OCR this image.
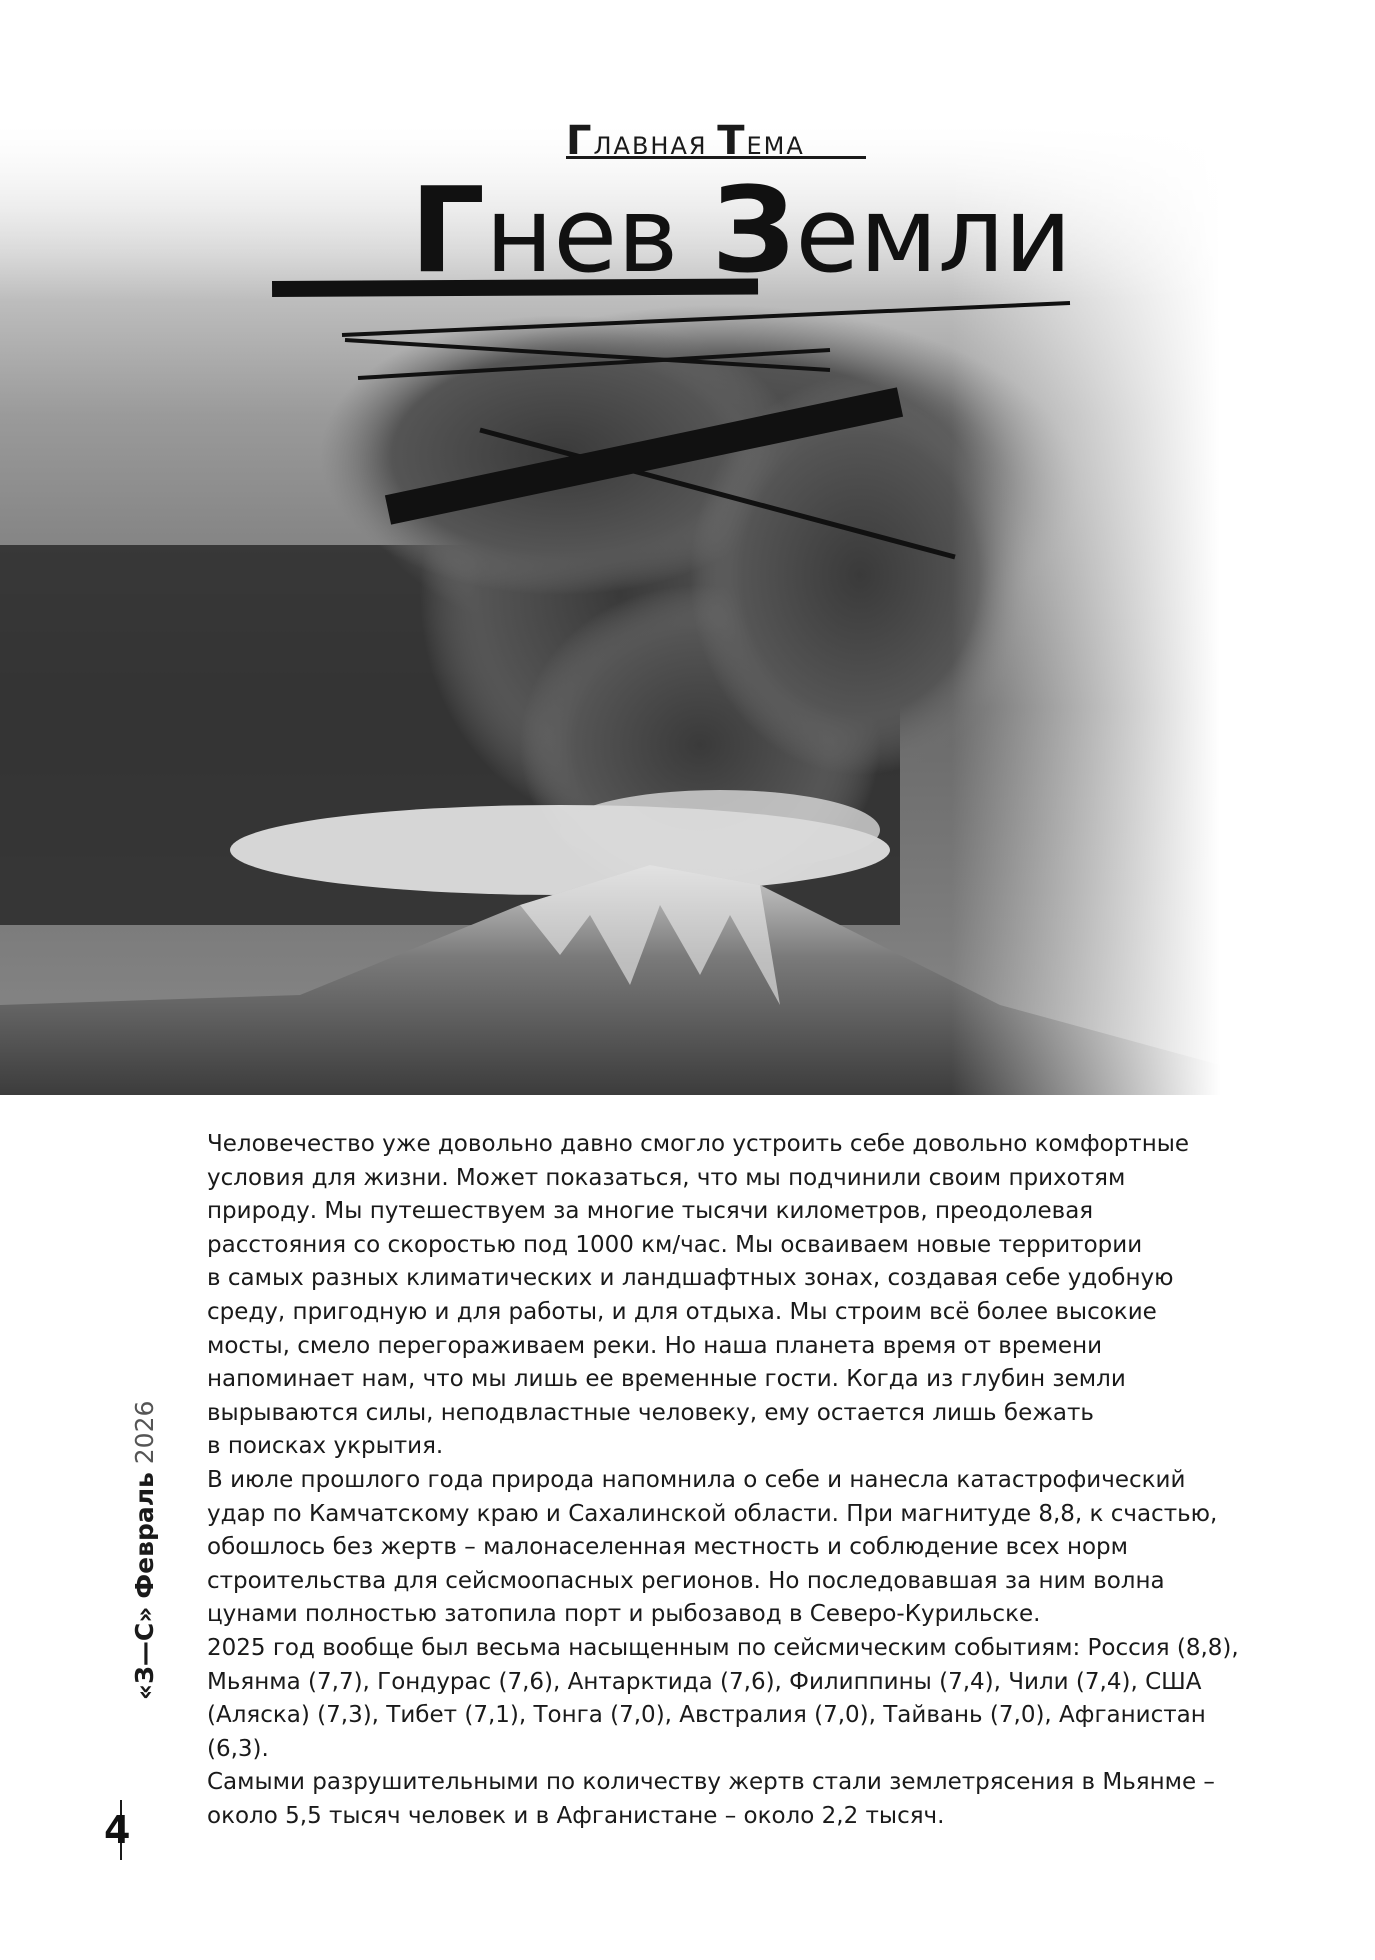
ГЛАВНАЯ ТЕМА
Гнев Земли

Человечество уже довольно давно смогло устроить себе довольно комфортные
условия для жизни. Может показаться, что мы подчинили своим прихотям
природу. Мы путешествуем за многие тысячи километров, преодолевая
расстояния со скоростью под 1000 км/час. Мы осваиваем новые территории
в самых разных климатических и ландшафтных зонах, создавая себе удобную
среду, пригодную и для работы, и для отдыха. Мы строим всё более высокие
мосты, смело перегораживаем реки. Но наша планета время от времени
напоминает нам, что мы лишь ее временные гости. Когда из глубин земли
вырываются силы, неподвластные человеку, ему остается лишь бежать
в поисках укрытия.

В июле прошлого года природа напомнила о себе и нанесла катастрофический
удар по Камчатскому краю и Сахалинской области. При магнитуде 8,8, к счастью,
обошлось без жертв – малонаселенная местность и соблюдение всех норм
строительства для сейсмоопасных регионов. Но последовавшая за ним волна
цунами полностью затопила порт и рыбозавод в Северо-Курильске.

2025 год вообще был весьма насыщенным по сейсмическим событиям: Россия (8,8),
Мьянма (7,7), Гондурас (7,6), Антарктида (7,6), Филиппины (7,4), Чили (7,4), США
(Аляска) (7,3), Тибет (7,1), Тонга (7,0), Австралия (7,0), Тайвань (7,0), Афганистан (6,3).
Самыми разрушительными по количеству жертв стали землетрясения в Мьянме –
около 5,5 тысяч человек и в Афганистане – около 2,2 тысяч.

«З—С» Февраль 2026
4
